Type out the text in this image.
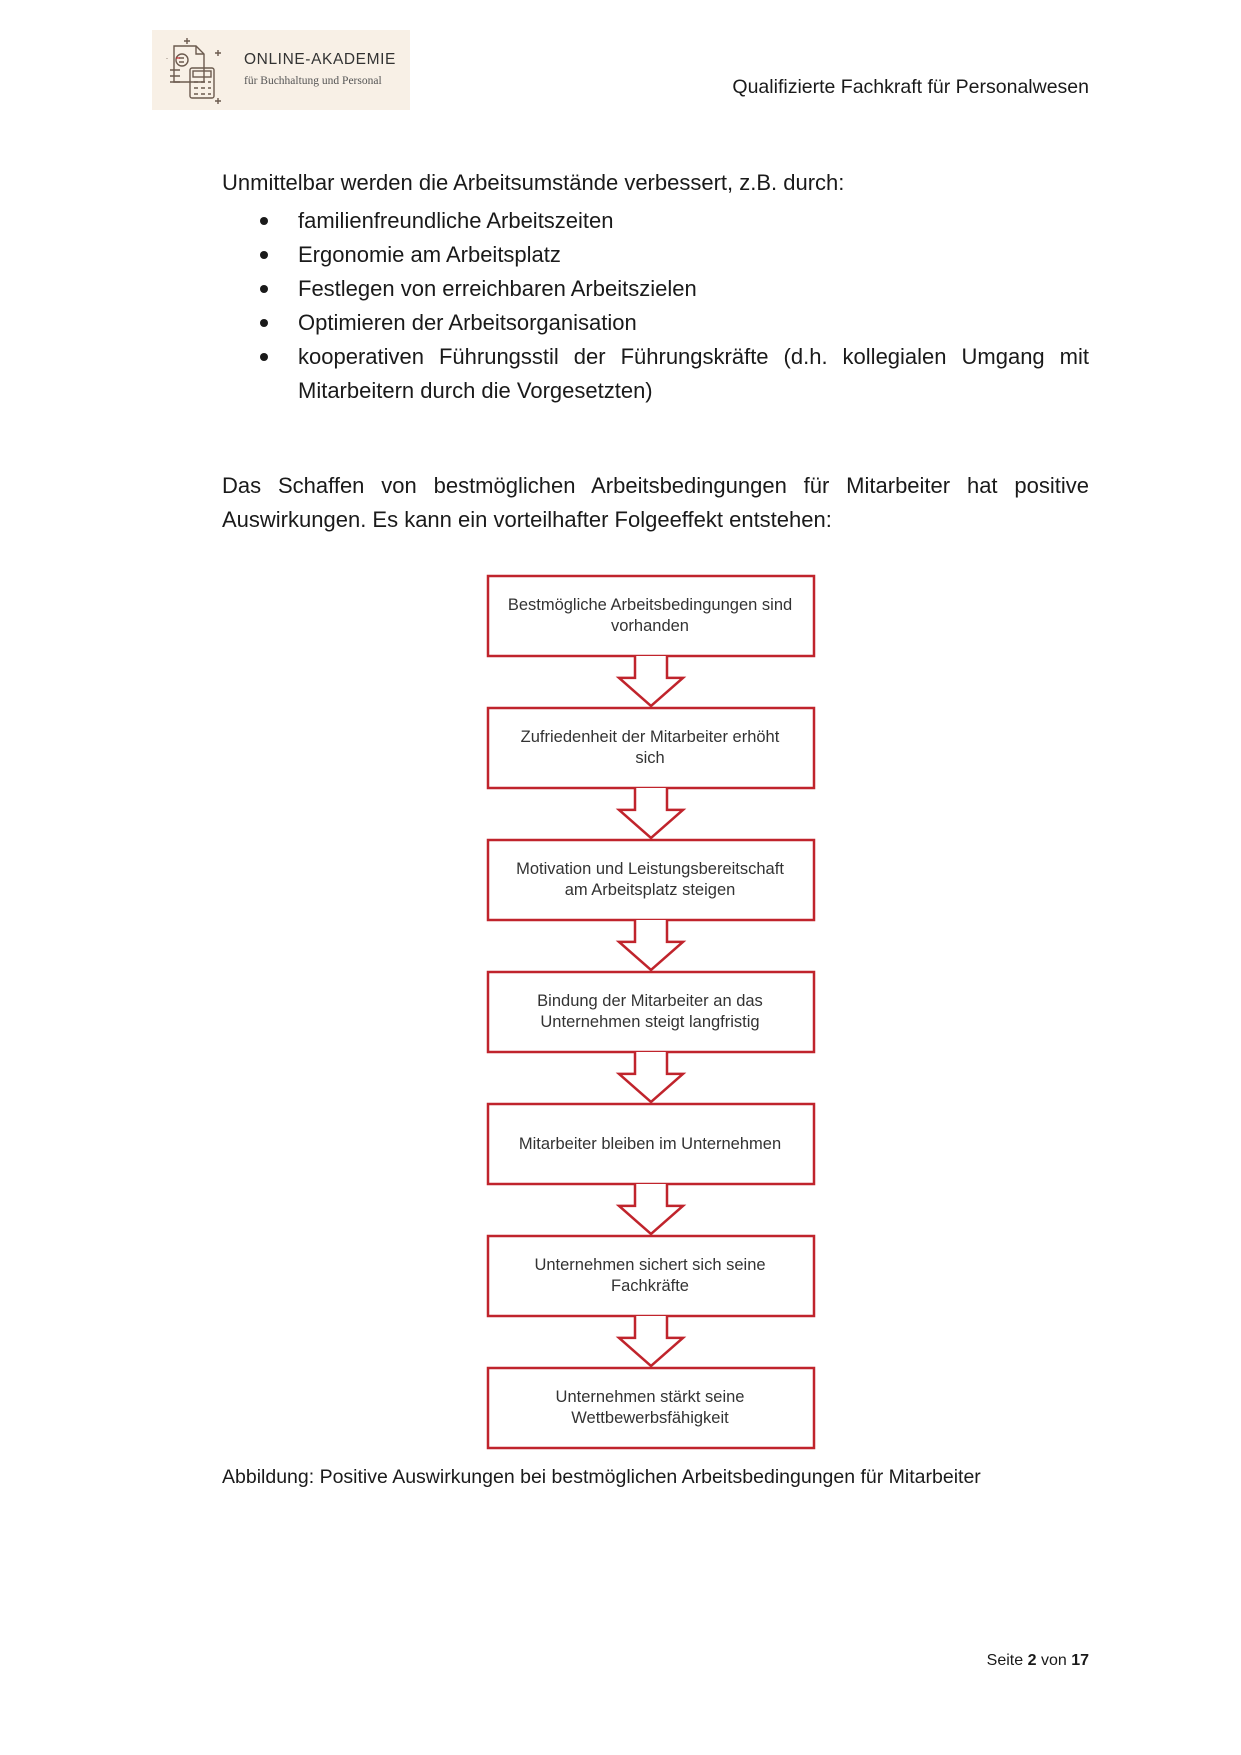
ONLINE-AKADEMIE
für Buchhaltung und Personal	Qualifizierte Fachkraft für Personalwesen
Unmittelbar werden die Arbeitsumstände verbessert, z.B. durch:
familienfreundliche Arbeitszeiten
Ergonomie am Arbeitsplatz
Festlegen von erreichbaren Arbeitszielen
Optimieren der Arbeitsorganisation
kooperativen Führungsstil der Führungskräfte (d.h. kollegialen Umgang mit Mitarbeitern durch die Vorgesetzten)

Das Schaffen von bestmöglichen Arbeitsbedingungen für Mitarbeiter hat positive Auswirkungen. Es kann ein vorteilhafter Folgeeffekt entstehen:

Bestmögliche Arbeitsbedingungen sind vorhanden
Zufriedenheit der Mitarbeiter erhöht sich
Motivation und Leistungsbereitschaft am Arbeitsplatz steigen
Bindung der Mitarbeiter an das Unternehmen steigt langfristig
Mitarbeiter bleiben im Unternehmen
Unternehmen sichert sich seine Fachkräfte
Unternehmen stärkt seine Wettbewerbsfähigkeit
Abbildung: Positive Auswirkungen bei bestmöglichen Arbeitsbedingungen für Mitarbeiter
Seite 2 von 17
